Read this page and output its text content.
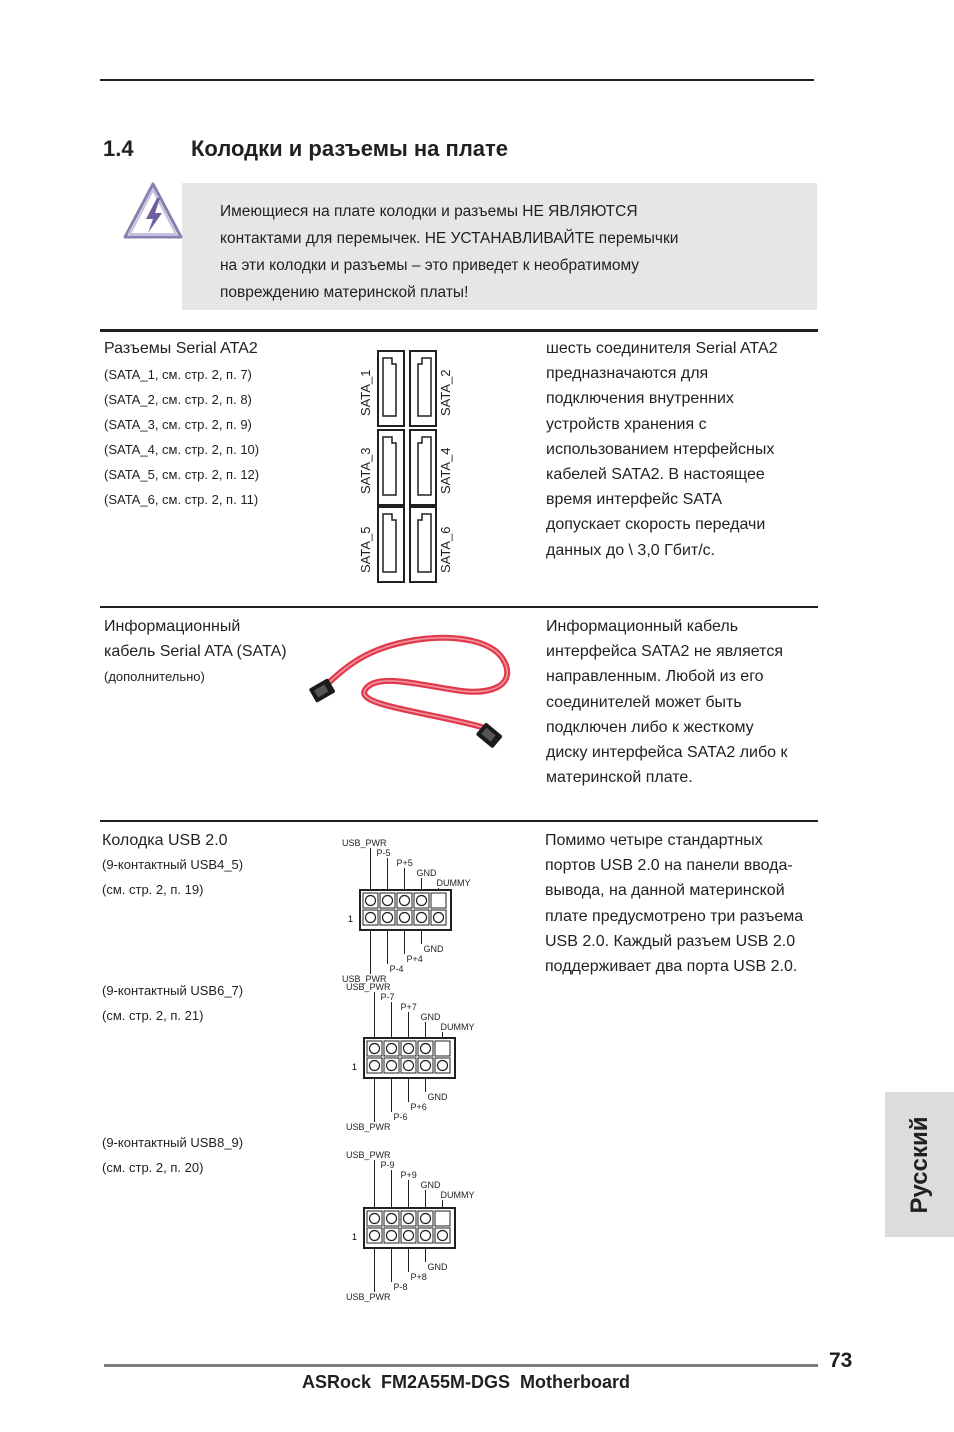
1.4	Колодки и разъемы на плате
Имеющиеся на плате колодки и разъемы НЕ ЯВЛЯЮТСЯ
контактами для перемычек. НЕ УСТАНАВЛИВАЙТЕ перемычки
на эти колодки и разъемы – это приведет к необратимому
повреждению материнской платы!
Разъемы Serial ATA2
(SATA_1, см. стр. 2, п. 7)
(SATA_2, см. стр. 2, п. 8)
(SATA_3, см. стр. 2, п. 9)
(SATA_4, см. стр. 2, п. 10)
(SATA_5, см. стр. 2, п. 12)
(SATA_6, см. стр. 2, п. 11)
SATA_1	SATA_2
SATA_3	SATA_4
SATA_5	SATA_6
шесть соединителя Serial ATA2
предназначаются для
подключения внутренних
устройств хранения с
использованием нтерфейсных
кабелей SATA2. В настоящее
время интерфейс SATA
допускает скорость передачи
данных до \ 3,0 Гбит/с.
Информационный
кабель Serial ATA (SATA)
(дополнительно)
Информационный кабель
интерфейса SATA2 не является
направленным. Любой из его
соединителей может быть
подключен либо к жесткому
диску интерфейса SATA2 либо к
материнской плате.
Колодка USB 2.0
(9-контактный USB4_5)
(см. стр. 2, п. 19)
(9-контактный USB6_7)
(см. стр. 2, п. 21)
(9-контактный USB8_9)
(см. стр. 2, п. 20)
USB_PWR
P-5
P+5
GND
DUMMY
GND
P+4
P-4
USB_PWR
1
USB_PWR
P-7
P+7
GND
DUMMY
GND
P+6
P-6
USB_PWR
1
USB_PWR
P-9
P+9
GND
DUMMY
GND
P+8
P-8
USB_PWR
1
Помимо четыре стандартных
портов USB 2.0 на панели ввода-
вывода, на данной материнской
плате предусмотрено три разъема
USB 2.0. Каждый разъем USB 2.0
поддерживает два порта USB 2.0.
Русский
73
ASRock  FM2A55M-DGS  Motherboard
